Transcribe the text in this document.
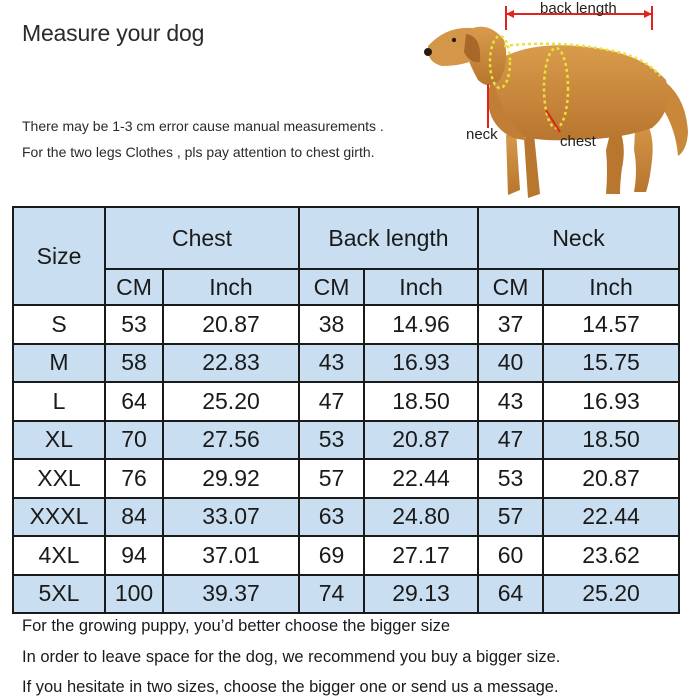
Measure your dog
There may be 1-3 cm error cause manual measurements .
For the two legs Clothes , pls pay attention to chest girth.
back length
neck	chest
Size	Chest		Back length		Neck	
	CM	Inch	CM	Inch	CM	Inch
S	53	20.87	38	14.96	37	14.57
M	58	22.83	43	16.93	40	15.75
L	64	25.20	47	18.50	43	16.93
XL	70	27.56	53	20.87	47	18.50
XXL	76	29.92	57	22.44	53	20.87
XXXL	84	33.07	63	24.80	57	22.44
4XL	94	37.01	69	27.17	60	23.62
5XL	100	39.37	74	29.13	64	25.20
For the growing puppy, you’d better choose the bigger size
In order to leave space for the dog, we recommend you buy a bigger size.
If you hesitate in two sizes, choose the bigger one or send us a message.
